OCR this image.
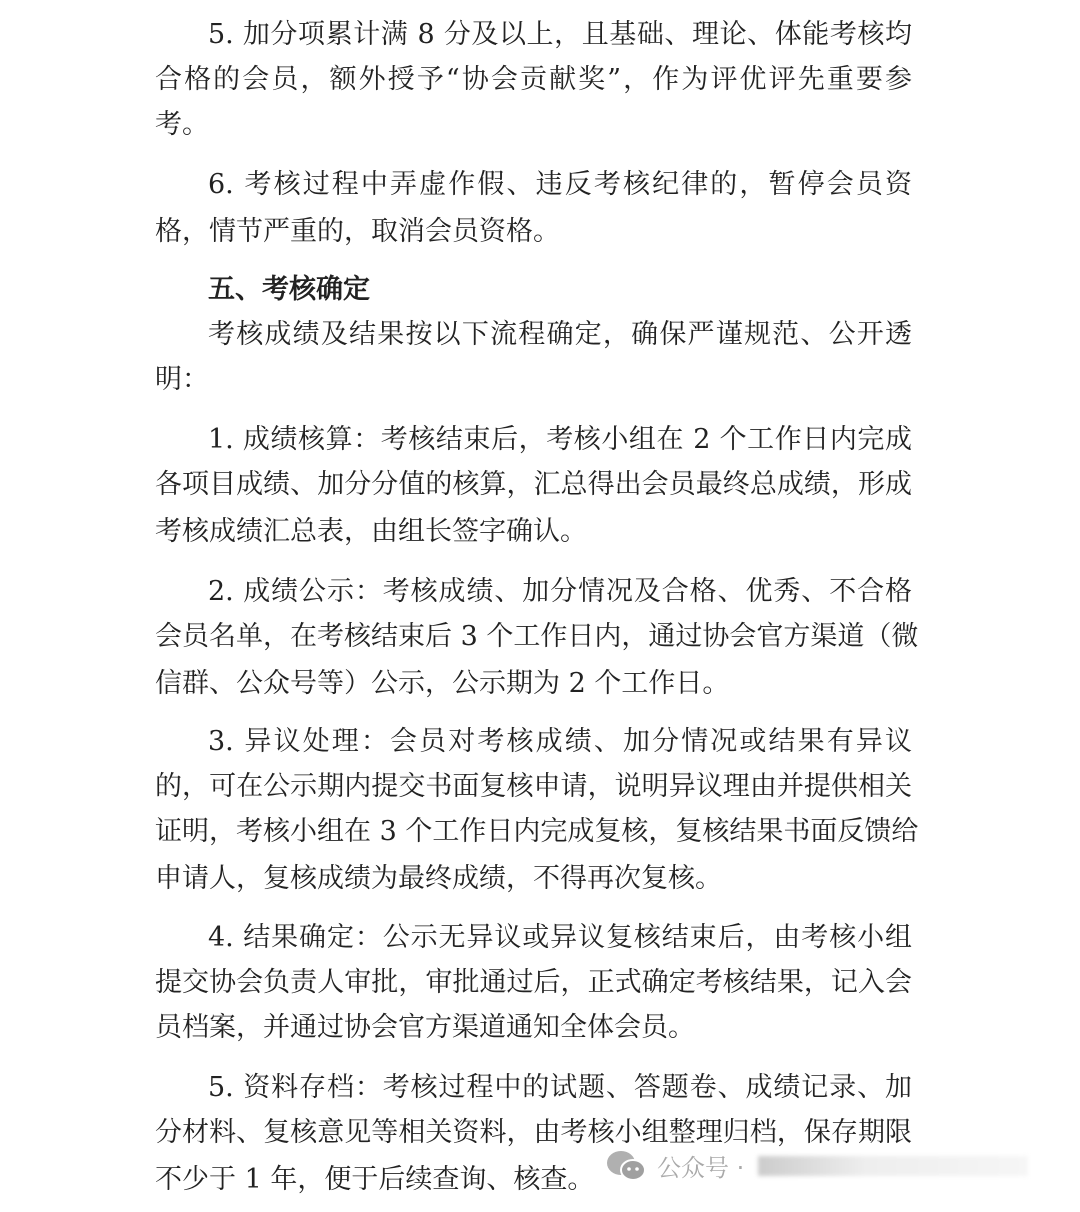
5. 加分项累计满 8 分及以上，且基础、理论、体能考核均
合格的会员，额外授予“协会贡献奖”，作为评优评先重要参
考。
6. 考核过程中弄虚作假、违反考核纪律的，暂停会员资
格，情节严重的，取消会员资格。
五、考核确定
考核成绩及结果按以下流程确定，确保严谨规范、公开透
明：
1. 成绩核算：考核结束后，考核小组在 2 个工作日内完成
各项目成绩、加分分值的核算，汇总得出会员最终总成绩，形成
考核成绩汇总表，由组长签字确认。
2. 成绩公示：考核成绩、加分情况及合格、优秀、不合格
会员名单，在考核结束后 3 个工作日内，通过协会官方渠道（微
信群、公众号等）公示，公示期为 2 个工作日。
3. 异议处理：会员对考核成绩、加分情况或结果有异议
的，可在公示期内提交书面复核申请，说明异议理由并提供相关
证明，考核小组在 3 个工作日内完成复核，复核结果书面反馈给
申请人，复核成绩为最终成绩，不得再次复核。
4. 结果确定：公示无异议或异议复核结束后，由考核小组
提交协会负责人审批，审批通过后，正式确定考核结果，记入会
员档案，并通过协会官方渠道通知全体会员。
5. 资料存档：考核过程中的试题、答题卷、成绩记录、加
分材料、复核意见等相关资料，由考核小组整理归档，保存期限
不少于 1 年，便于后续查询、核查。	公众号 ·
